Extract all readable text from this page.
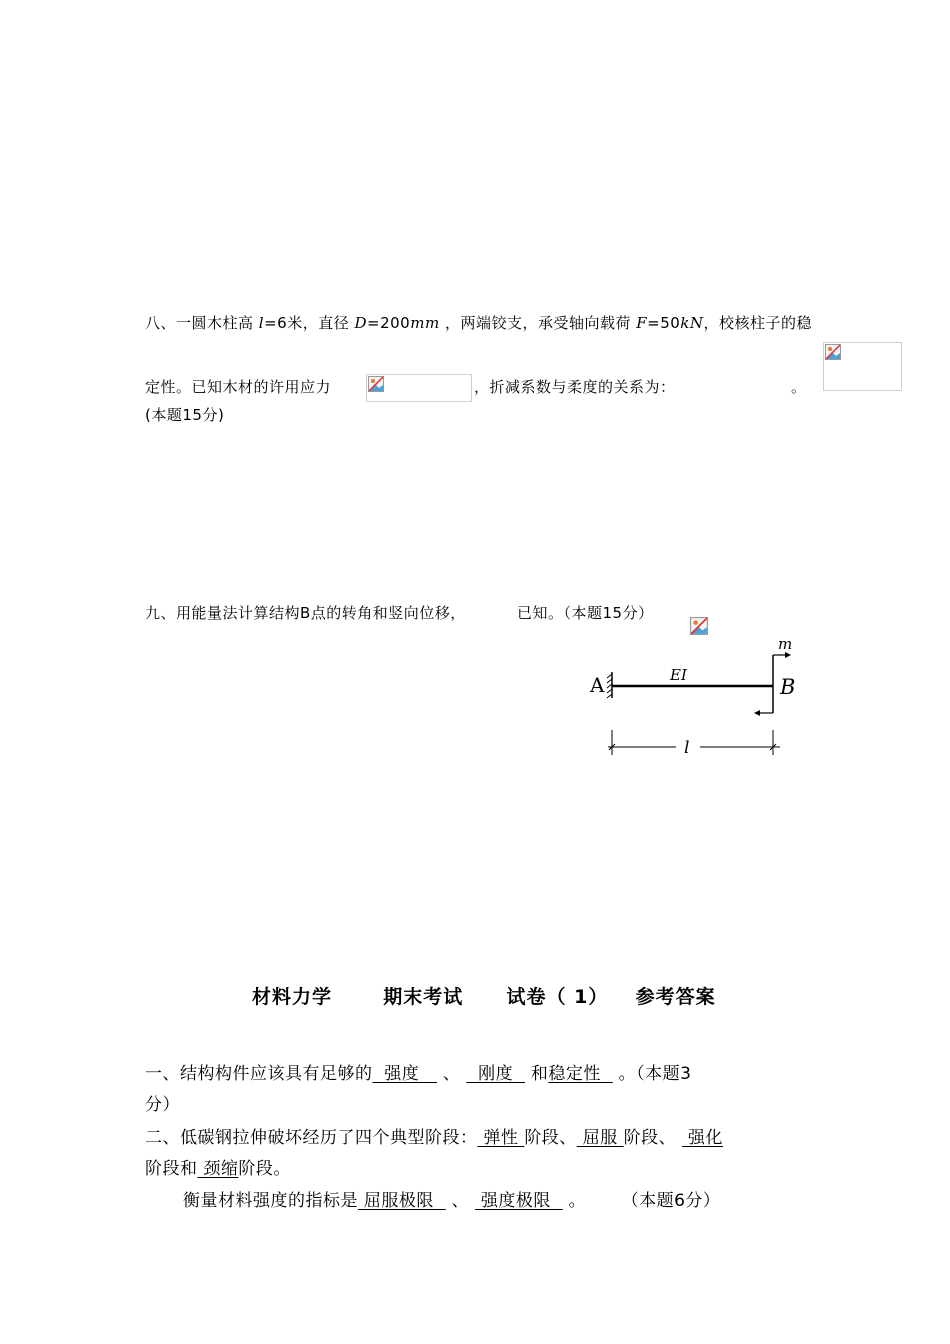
八、一圆木柱高 l=6米，直径 D=200mm ，两端铰支，承受轴向载荷 F=50kN，校核柱子的稳
定性。已知木材的许用应力
	，折减系数与柔度的关系为：
	。
(本题15分)
九、用能量法计算结构B点的转角和竖向位移，	已知。（本题15分）
A	B
EI
m
l
材料力学	期末考试 试卷（ 1） 参考答案
一、结构构件应该具有足够的  强度    、   刚度   和稳定性   。（本题3
分）
二、低碳钢拉伸破坏经历了四个典型阶段： 弹性 阶段、 屈服 阶段、  强化
阶段和 颈缩阶段。
衡量材料强度的指标是 屈服极限   、  强度极限   。      （本题6分）
